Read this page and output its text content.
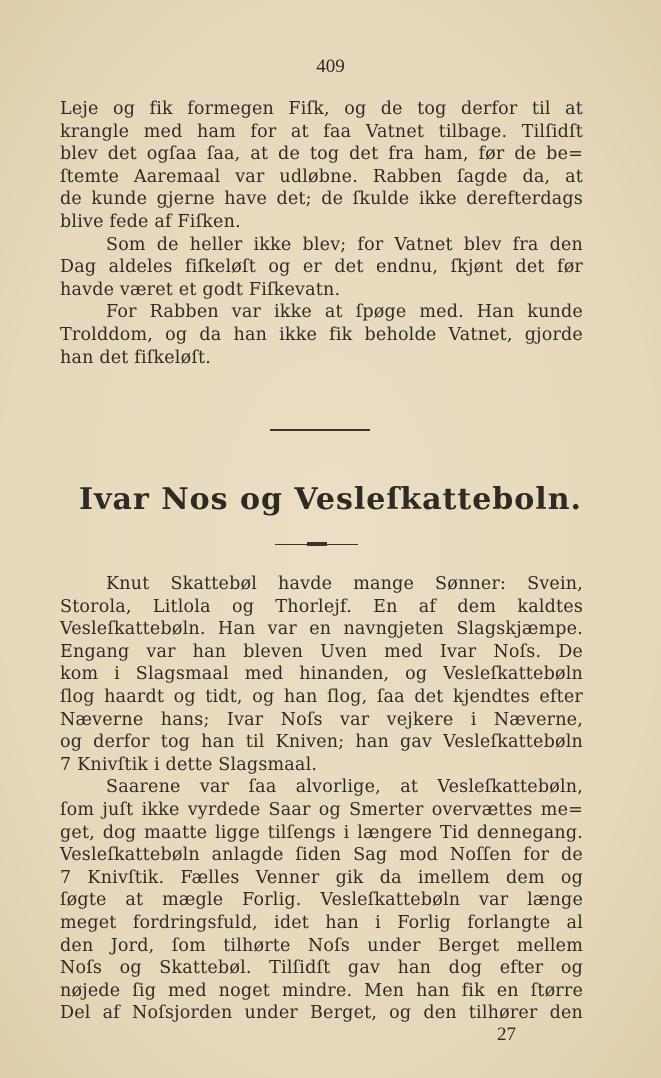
409
Leje og fik formegen Fiſk, og de tog derfor til at
krangle med ham for at faa Vatnet tilbage. Tilſidſt
blev det ogſaa ſaa, at de tog det fra ham, før de be=
ſtemte Aaremaal var udløbne. Rabben ſagde da, at
de kunde gjerne have det; de ſkulde ikke derefterdags
blive fede af Fiſken.
Som de heller ikke blev; for Vatnet blev fra den
Dag aldeles fiſkeløſt og er det endnu, ſkjønt det før
havde været et godt Fiſkevatn.
For Rabben var ikke at ſpøge med. Han kunde
Trolddom, og da han ikke fik beholde Vatnet, gjorde
han det fiſkeløſt.
Ivar Nos og Vesleſkatteboln.
Knut Skattebøl havde mange Sønner: Svein,
Storola, Litlola og Thorlejf. En af dem kaldtes
Vesleſkattebøln. Han var en navngjeten Slagskjæmpe.
Engang var han bleven Uven med Ivar Noſs. De
kom i Slagsmaal med hinanden, og Vesleſkattebøln
ſlog haardt og tidt, og han ſlog, ſaa det kjendtes efter
Næverne hans; Ivar Noſs var vejkere i Næverne,
og derfor tog han til Kniven; han gav Vesleſkattebøln
7 Knivſtik i dette Slagsmaal.
Saarene var ſaa alvorlige, at Vesleſkattebøln,
ſom juſt ikke vyrdede Saar og Smerter overvættes me=
get, dog maatte ligge tilſengs i længere Tid dennegang.
Vesleſkattebøln anlagde ſiden Sag mod Noſſen for de
7 Knivſtik. Fælles Venner gik da imellem dem og
ſøgte at mægle Forlig. Vesleſkattebøln var længe
meget fordringsfuld, idet han i Forlig forlangte al
den Jord, ſom tilhørte Noſs under Berget mellem
Noſs og Skattebøl. Tilſidſt gav han dog efter og
nøjede ſig med noget mindre. Men han fik en ſtørre
Del af Noſsjorden under Berget, og den tilhører den
27
